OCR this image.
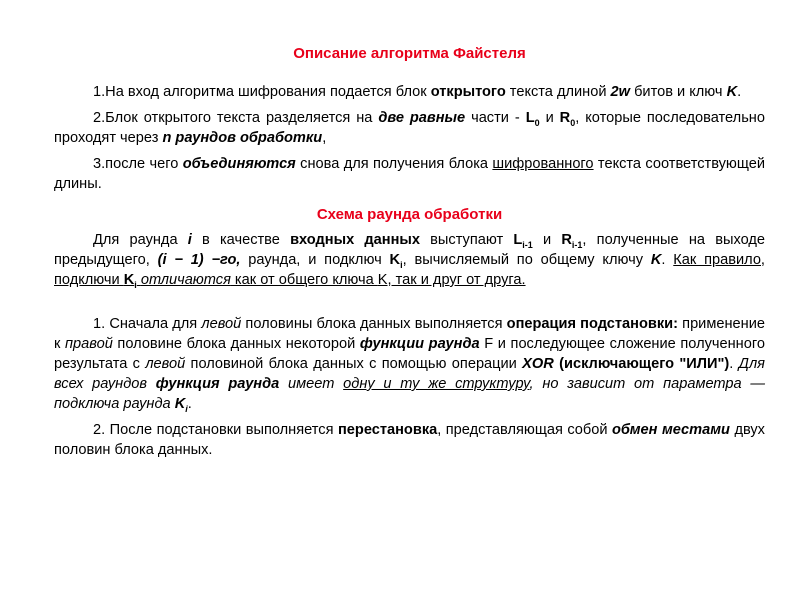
Описание алгоритма Файстеля

1.На вход алгоритма шифрования подается блок открытого текста длиной 2w битов и ключ K.

2.Блок открытого текста разделяется на две равные части - $L_0$ и $R_0$, которые последовательно проходят через n раундов обработки,

3.после чего объединяются снова для получения блока шифрованного текста соответствующей длины.

Схема раунда обработки

Для раунда i в качестве входных данных выступают $L_{i-1}$ и $R_{i-1}$, полученные на выходе предыдущего, (i − 1) −го, раунда, и подключ $K_i$, вычисляемый по общему ключу K. Как правило, подключи $K_i$ отличаются как от общего ключа K, так и друг от друга.

1. Сначала для левой половины блока данных выполняется операция подстановки: применение к правой половине блока данных некоторой функции раунда F и последующее сложение полученного результата с левой половиной блока данных с помощью операции XOR (исключающего "ИЛИ"). Для всех раундов функция раунда имеет одну и ту же структуру, но зависит от параметра — подключа раунда $K_i$.

2. После подстановки выполняется перестановка, представляющая собой обмен местами двух половин блока данных.
